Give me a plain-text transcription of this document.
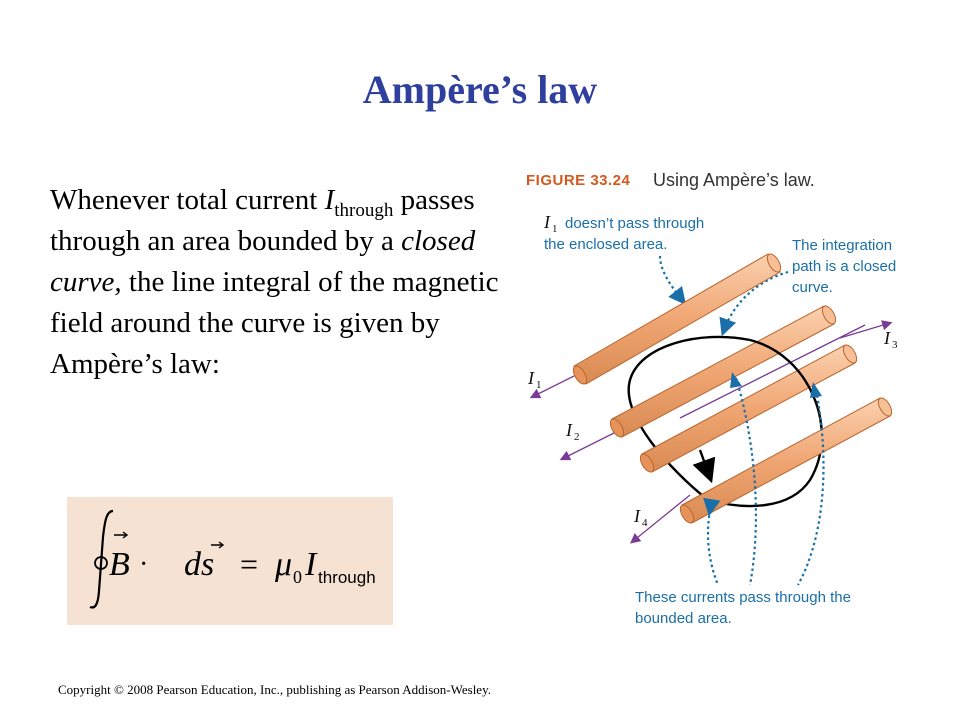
Ampère’s law
Whenever total current $I_{through}$ passes through an area bounded by a closed curve, the line integral of the magnetic field around the curve is given by Ampère’s law:
B · ds = μ 0 I through
FIGURE 33.24 Using Ampère’s law.
I 1 doesn’t pass through
the enclosed area.	The integration
path is a closed
curve.
I 1
I 2
I 3
I 4
These currents pass through the
bounded area.
Copyright © 2008 Pearson Education, Inc., publishing as Pearson Addison-Wesley.
